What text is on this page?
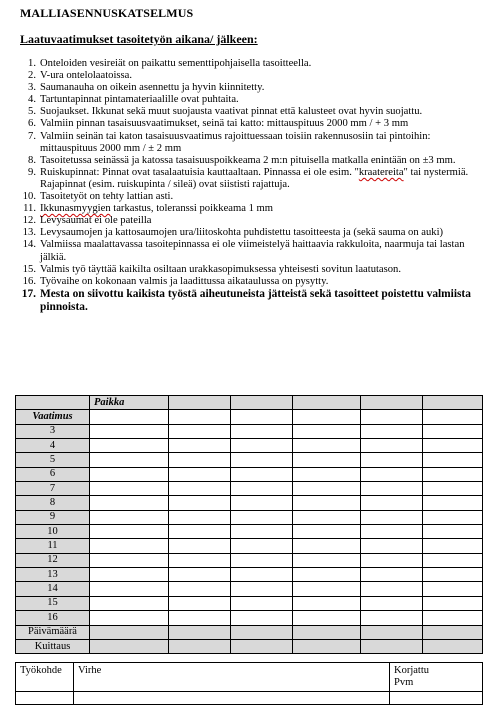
MALLIASENNUSKATSELMUS
Laatuvaatimukset tasoitetyön aikana/ jälkeen:
1. Onteloiden vesireiät on paikattu sementtipohjaisella tasoitteella.
2. V-ura ontelolaatoissa.
3. Saumanauha on oikein asennettu ja hyvin kiinnitetty.
4. Tartuntapinnat pintamateriaalille ovat puhtaita.
5. Suojaukset. Ikkunat sekä muut suojausta vaativat pinnat että kalusteet ovat hyvin suojattu.
6. Valmiin pinnan tasaisuusvaatimukset, seinä tai katto: mittauspituus 2000 mm / + 3 mm
7. Valmiin seinän tai katon tasaisuusvaatimus rajoittuessaan toisiin rakennusosiin tai pintoihin: mittauspituus 2000 mm / ± 2 mm
8. Tasoitetussa seinässä ja katossa tasaisuuspoikkeama 2 m:n pituisella matkalla enintään on ±3 mm.
9. Ruiskupinnat: Pinnat ovat tasalaatuisia kauttaaltaan. Pinnassa ei ole esim. "kraatereita" tai nystermiä. Rajapinnat (esim. ruiskupinta / sileä) ovat siististi rajattuja.
10. Tasoitetyöt on tehty lattian asti.
11. Ikkunasmyygien tarkastus, toleranssi poikkeama 1 mm
12. Levysaumat ei ole pateilla
13. Levysaumojen ja kattosaumojen ura/liitoskohta puhdistettu tasoitteesta ja (sekä sauma on auki)
14. Valmiissa maalattavassa tasoitepinnassa ei ole viimeistelyä haittaavia rakkuloita, naarmuja tai lastan jälkiä.
15. Valmis työ täyttää kaikilta osiltaan urakkasopimuksessa yhteisesti sovitun laatutason.
16. Työvaihe on kokonaan valmis ja laadittussa aikataulussa on pysytty.
17. Mesta on siivottu kaikista työstä aiheutuneista jätteistä sekä tasoitteet poistettu valmiista pinnoista.
	Paikka					
Vaatimus						
3						
4						
5						
6						
7						
8						
9						
10						
11						
12						
13						
14						
15						
16						
Päivämäärä						
Kuittaus						
Työkohde	Virhe	Korjattu
Pvm
